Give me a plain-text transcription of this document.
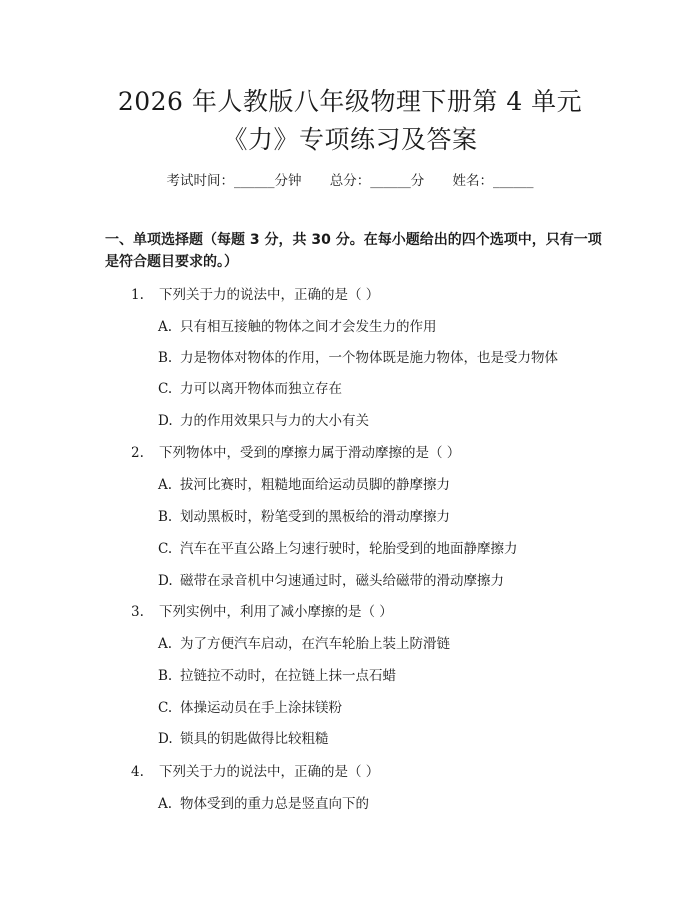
2026 年人教版八年级物理下册第 4 单元
《力》专项练习及答案
考试时间：______分钟 总分：______分 姓名：______
一、单项选择题（每题 3 分，共 30 分。在每小题给出的四个选项中，只有一项是符合题目要求的。）
1. 下列关于力的说法中，正确的是（ ）
A. 只有相互接触的物体之间才会发生力的作用
B. 力是物体对物体的作用，一个物体既是施力物体，也是受力物体
C. 力可以离开物体而独立存在
D. 力的作用效果只与力的大小有关
2. 下列物体中，受到的摩擦力属于滑动摩擦的是（ ）
A. 拔河比赛时，粗糙地面给运动员脚的静摩擦力
B. 划动黑板时，粉笔受到的黑板给的滑动摩擦力
C. 汽车在平直公路上匀速行驶时，轮胎受到的地面静摩擦力
D. 磁带在录音机中匀速通过时，磁头给磁带的滑动摩擦力
3. 下列实例中，利用了减小摩擦的是（ ）
A. 为了方便汽车启动，在汽车轮胎上装上防滑链
B. 拉链拉不动时，在拉链上抹一点石蜡
C. 体操运动员在手上涂抹镁粉
D. 锁具的钥匙做得比较粗糙
4. 下列关于力的说法中，正确的是（ ）
A. 物体受到的重力总是竖直向下的
